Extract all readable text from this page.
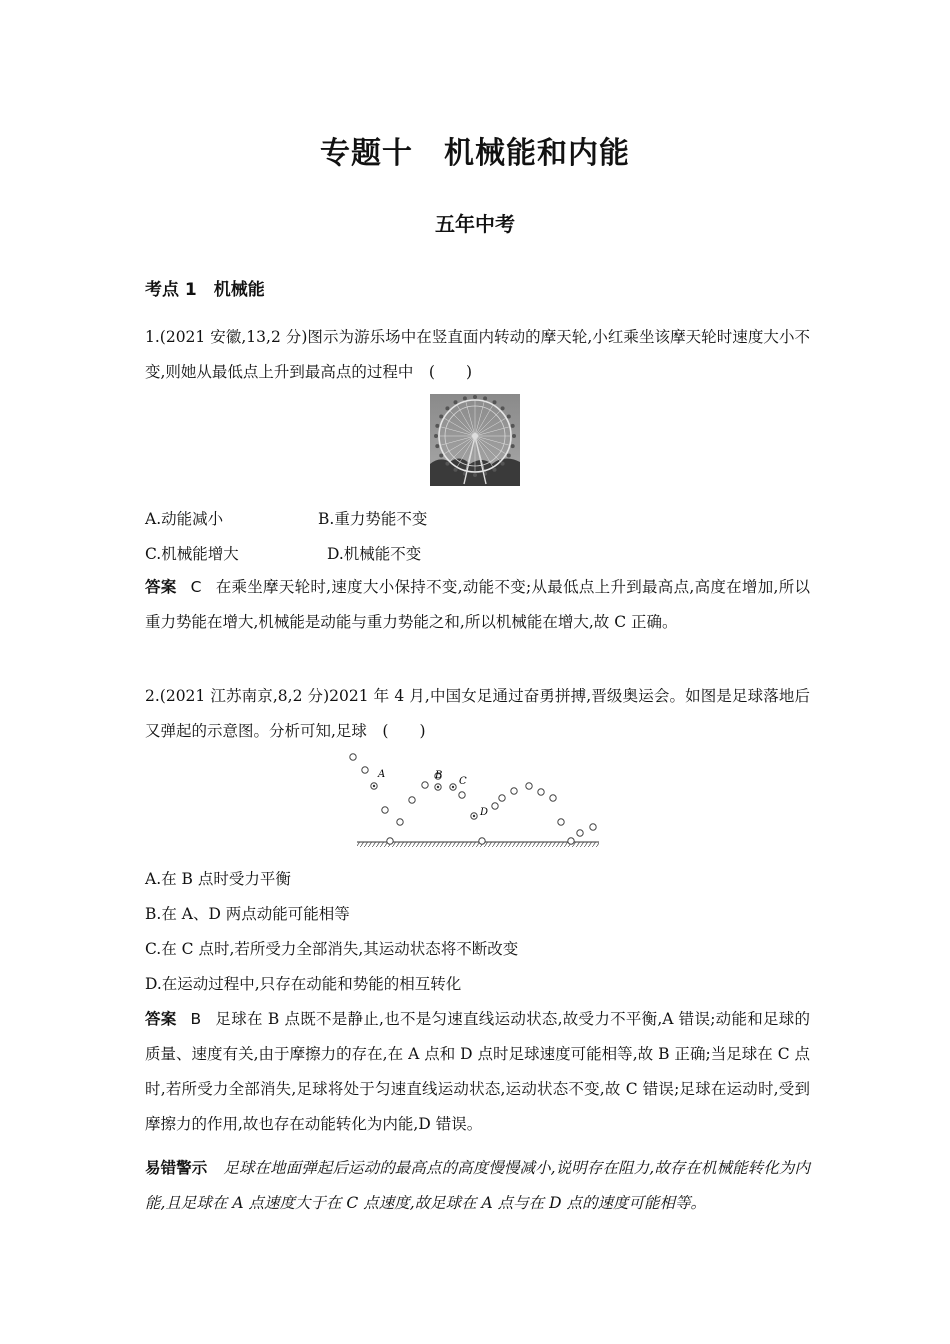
专题十　机械能和内能
五年中考
考点 1　机械能
1.(2021 安徽,13,2 分)图示为游乐场中在竖直面内转动的摩天轮,小红乘坐该摩天轮时速度大小不变,则她从最低点上升到最高点的过程中　(　　)
A.动能减小	B.重力势能不变
C.机械能增大	D.机械能不变
答案 C 在乘坐摩天轮时,速度大小保持不变,动能不变;从最低点上升到最高点,高度在增加,所以重力势能在增大,机械能是动能与重力势能之和,所以机械能在增大,故 C 正确。
2.(2021 江苏南京,8,2 分)2021 年 4 月,中国女足通过奋勇拼搏,晋级奥运会。如图是足球落地后又弹起的示意图。分析可知,足球　(　　)
A	B
C
D
A.在 B 点时受力平衡
B.在 A、D 两点动能可能相等
C.在 C 点时,若所受力全部消失,其运动状态将不断改变
D.在运动过程中,只存在动能和势能的相互转化
答案 B 足球在 B 点既不是静止,也不是匀速直线运动状态,故受力不平衡,A 错误;动能和足球的质量、速度有关,由于摩擦力的存在,在 A 点和 D 点时足球速度可能相等,故 B 正确;当足球在 C 点时,若所受力全部消失,足球将处于匀速直线运动状态,运动状态不变,故 C 错误;足球在运动时,受到摩擦力的作用,故也存在动能转化为内能,D 错误。
易错警示 足球在地面弹起后运动的最高点的高度慢慢减小,说明存在阻力,故存在机械能转化为内能,且足球在 A 点速度大于在 C 点速度,故足球在 A 点与在 D 点的速度可能相等。
